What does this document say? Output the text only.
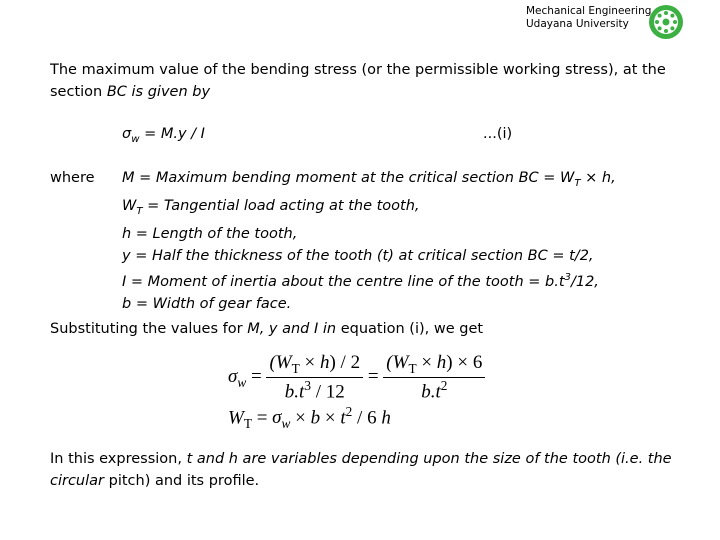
Mechanical Engineering
Udayana University
The maximum value of the bending stress (or the permissible working stress), at the
section BC is given by
$\sigma_w = M.y / I$	...(i)
where M = Maximum bending moment at the critical section BC = $W_T \times h$,
$W_T$ = Tangential load acting at the tooth,
h = Length of the tooth,
y = Half the thickness of the tooth (t) at critical section BC = t/2,
I = Moment of inertia about the centre line of the tooth = $b.t^3/12$,
b = Width of gear face.
Substituting the values for M, y and I in equation (i), we get
$\sigma_w = \frac{(W_T \times h) / 2}{b.t^3 / 12} = \frac{(W_T \times h) \times 6}{b.t^2}$
$W_T = \sigma_w \times b \times t^2 / 6$ h
In this expression, t and h are variables depending upon the size of the tooth (i.e. the
circular pitch) and its profile.
